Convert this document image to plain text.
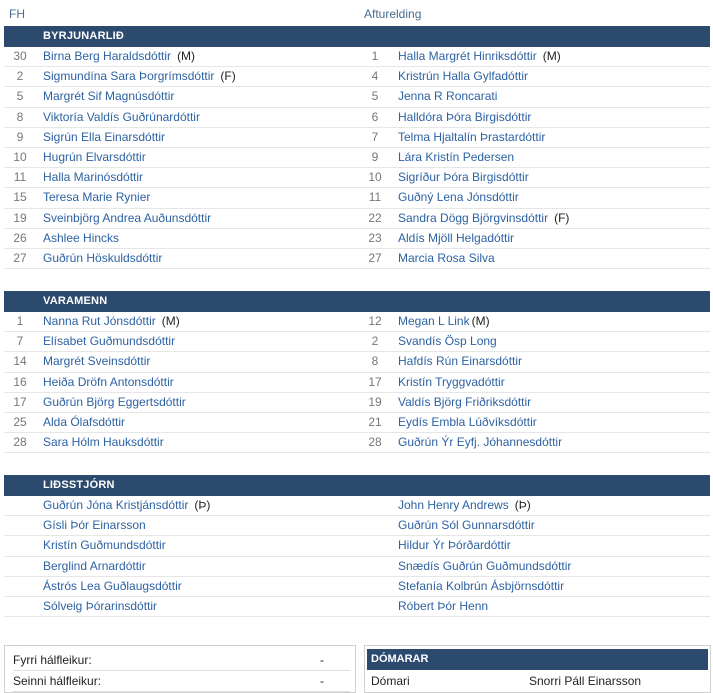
FH	Afturelding
BYRJUNARLIÐ
30	Birna Berg Haraldsdóttir (M)	1	Halla Margrét Hinriksdóttir (M)
2	Sigmundína Sara Þorgrímsdóttir (F)	4	Kristrún Halla Gylfadóttir
5	Margrét Sif Magnúsdóttir	5	Jenna R Roncarati
8	Viktoría Valdís Guðrúnardóttir	6	Halldóra Þóra Birgisdóttir
9	Sigrún Ella Einarsdóttir	7	Telma Hjaltalín Þrastardóttir
10	Hugrún Elvarsdóttir	9	Lára Kristín Pedersen
11	Halla Marinósdóttir	10	Sigríður Þóra Birgisdóttir
15	Teresa Marie Rynier	11	Guðný Lena Jónsdóttir
19	Sveinbjörg Andrea Auðunsdóttir	22	Sandra Dögg Björgvinsdóttir (F)
26	Ashlee Hincks	23	Aldís Mjöll Helgadóttir
27	Guðrún Höskuldsdóttir	27	Marcia Rosa Silva
VARAMENN
1	Nanna Rut Jónsdóttir (M)	12	Megan L Link (M)
7	Elísabet Guðmundsdóttir	2	Svandís Ösp Long
14	Margrét Sveinsdóttir	8	Hafdís Rún Einarsdóttir
16	Heiða Dröfn Antonsdóttir	17	Kristín Tryggvadóttir
17	Guðrún Björg Eggertsdóttir	19	Valdís Björg Friðriksdóttir
25	Alda Ólafsdóttir	21	Eydís Embla Lúðvíksdóttir
28	Sara Hólm Hauksdóttir	28	Guðrún Ýr Eyfj. Jóhannesdóttir
LIÐSSTJÓRN
Guðrún Jóna Kristjánsdóttir (Þ)	John Henry Andrews (Þ)
Gísli Þór Einarsson	Guðrún Sól Gunnarsdóttir
Kristín Guðmundsdóttir	Hildur Ýr Þórðardóttir
Berglind Arnardóttir	Snædís Guðrún Guðmundsdóttir
Ástrós Lea Guðlaugsdóttir	Stefanía Kolbrún Ásbjörnsdóttir
Sólveig Þórarinsdóttir	Róbert Þór Henn
Fyrri hálfleikur:	-
Seinni hálfleikur:	-
DÓMARAR
Dómari	Snorri Páll Einarsson
